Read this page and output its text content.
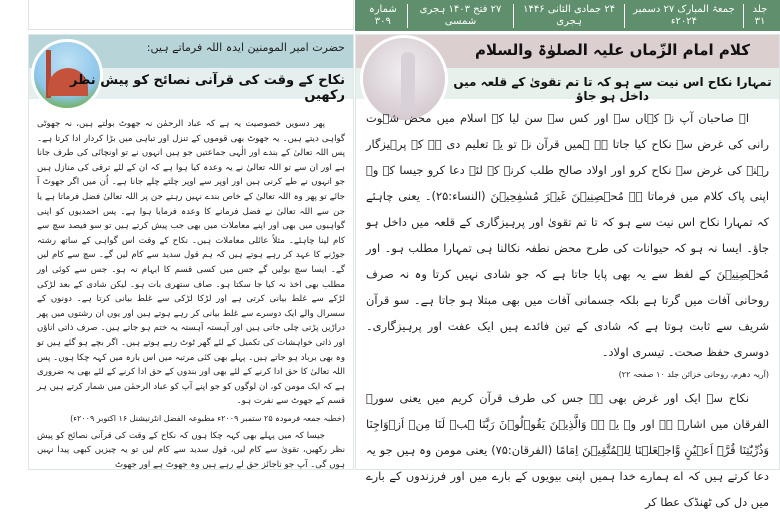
جلد ۳۱
جمعۃ المبارک ۲۷ دسمبر ۲۰۲۴ء
۲۴ جمادی الثانی ۱۴۴۶ ہجری
۲۷ فتح ۱۴۰۳ ہجری شمسی
شمارہ ۳۰۹
حضرت امیر المومنین ایدہ اللہ فرماتے ہیں:
نکاح کے وقت کی قرآنی نصائح کو پیش نظر رکھیں

پھر دسویں خصوصیت یہ ہے کہ عباد الرحمٰن نہ جھوٹ بولتے ہیں، نہ جھوٹی گواہی دیتے ہیں۔ یہ جھوٹ بھی قوموں کے تنزل اور تباہی میں بڑا کردار ادا کرتا ہے۔ پس اللہ تعالیٰ کے بندے اور الٰہی جماعتیں جو ہیں انہوں نے تو اونچائی کی طرف جانا ہے اور ان سے تو اللہ تعالیٰ نے یہ وعدہ کیا ہوا ہے کہ ان کے لئے ترقی کی منازل ہیں جو انہوں نے طے کرنی ہیں اور اوپر سے اوپر چلتے چلے جانا ہے۔ اُن میں اگر جھوٹ آ جائے تو پھر وہ اللہ تعالیٰ کے خاص بندے نہیں رہتے جن پر اللہ تعالیٰ فضل فرماتا ہے یا جن سے اللہ تعالیٰ نے فضل فرمانے کا وعدہ فرمایا ہوا ہے۔ پس احمدیوں کو اپنی گواہیوں میں بھی اور اپنے معاملات میں بھی جب پیش کرتے ہیں تو سو فیصد سچ سے کام لینا چاہئے۔ مثلاً عائلی معاملات ہیں۔ نکاح کے وقت اس گواہی کے ساتھ رشتہ جوڑنے کا عہد کر رہے ہوتے ہیں کہ ہم قول سدید سے کام لیں گے۔ سچ سے کام لیں گے۔ ایسا سچ بولیں گے جس میں کسی قسم کا ابہام نہ ہو۔ جس سے کوئی اور مطلب بھی اخذ نہ کیا جا سکتا ہو۔ صاف ستھری بات ہو۔ لیکن شادی کے بعد لڑکی لڑکے سے غلط بیانی کرتی ہے اور لڑکا لڑکی سے غلط بیانی کرتا ہے۔ دونوں کے سسرال والے ایک دوسرے سے غلط بیانی کر رہے ہوتے ہیں اور یوں ان رشتوں میں پھر دراڑیں پڑتی چلی جاتی ہیں اور آہستہ آہستہ یہ ختم ہو جاتے ہیں۔ صرف ذاتی اناؤں اور ذاتی خواہشات کی تکمیل کے لئے گھر ٹوٹ رہے ہوتے ہیں۔ اگر بچے ہو گئے ہیں تو وہ بھی برباد ہو جاتے ہیں۔ پہلے بھی کئی مرتبہ میں اس بارہ میں کہہ چکا ہوں۔ پس اللہ تعالیٰ کا حق ادا کرنے کے لئے بھی اور بندوں کے حق ادا کرنے کے لئے بھی یہ ضروری ہے کہ ایک مومن کو، ان لوگوں کو جو اپنے آپ کو عباد الرحمٰن میں شمار کرتے ہیں ہر قسم کے جھوٹ سے نفرت ہو۔

(خطبہ جمعہ فرمودہ ۲۵ ستمبر ۲۰۰۹ء مطبوعہ الفضل انٹرنیشنل ۱۶ اکتوبر ۲۰۰۹ء)

جیسا کہ میں پہلے بھی کہہ چکا ہوں کہ نکاح کے وقت کی قرآنی نصائح کو پیش نظر رکھیں، تقویٰ سے کام لیں، قول سدید سے کام لیں تو یہ چیزیں کبھی پیدا نہیں ہوں گی۔ آپ جو ناجائز حق لے رہے ہیں وہ جھوٹ ہے اور جھوٹ

کلام امام الزّماں علیہ الصلوٰۃ والسلام
تمہارا نکاح اس نیت سے ہو کہ تا تم تقویٰ کے قلعہ میں داخل ہو جاؤ

اے صاحبان آپ نے کہاں سے اور کس سے سن لیا کہ اسلام میں محض شہوت رانی کی غرض سے نکاح کیا جاتا ہے ہمیں قرآن نے تو یہ تعلیم دی ہے کہ پرہیزگار رہنے کی غرض سے نکاح کرو اور اولاد صالح طلب کرنے کے لئے دعا کرو جیسا کہ وہ اپنی پاک کلام میں فرماتا ہے مُحۡصِنِیۡنَ غَیۡرَ مُسٰفِحِیۡنَ (النساء:۲۵)۔ یعنی چاہئے کہ تمہارا نکاح اس نیت سے ہو کہ تا تم تقویٰ اور پرہیزگاری کے قلعہ میں داخل ہو جاؤ۔ ایسا نہ ہو کہ حیوانات کی طرح محض نطفہ نکالنا ہی تمہارا مطلب ہو۔ اور مُحۡصِنِیۡنَ کے لفظ سے یہ بھی پایا جاتا ہے کہ جو شادی نہیں کرتا وہ نہ صرف روحانی آفات میں گرتا ہے بلکہ جسمانی آفات میں بھی مبتلا ہو جاتا ہے۔ سو قرآن شریف سے ثابت ہوتا ہے کہ شادی کے تین فائدے ہیں ایک عفت اور پرہیزگاری۔ دوسری حفظ صحت۔ تیسری اولاد۔

(آریہ دھرم، روحانی خزائن جلد ۱۰ صفحہ ۲۲)

نکاح سے ایک اور غرض بھی ہے جس کی طرف قرآن کریم میں یعنی سورۃ الفرقان میں اشارہ ہے اور وہ یہ ہے وَالَّذِیۡنَ یَقُوۡلُوۡنَ رَبَّنَا ہَبۡ لَنَا مِنۡ اَزۡوَاجِنَا وَذُرِّیّٰتِنَا قُرَّۃَ اَعۡیُنٍ وَّاجۡعَلۡنَا لِلۡمُتَّقِیۡنَ اِمَامًا (الفرقان:۷۵) یعنی مومن وہ ہیں جو یہ دعا کرتے ہیں کہ اے ہمارے خدا ہمیں اپنی بیویوں کے بارے میں اور فرزندوں کے بارے میں دل کی ٹھنڈک عطا کر
